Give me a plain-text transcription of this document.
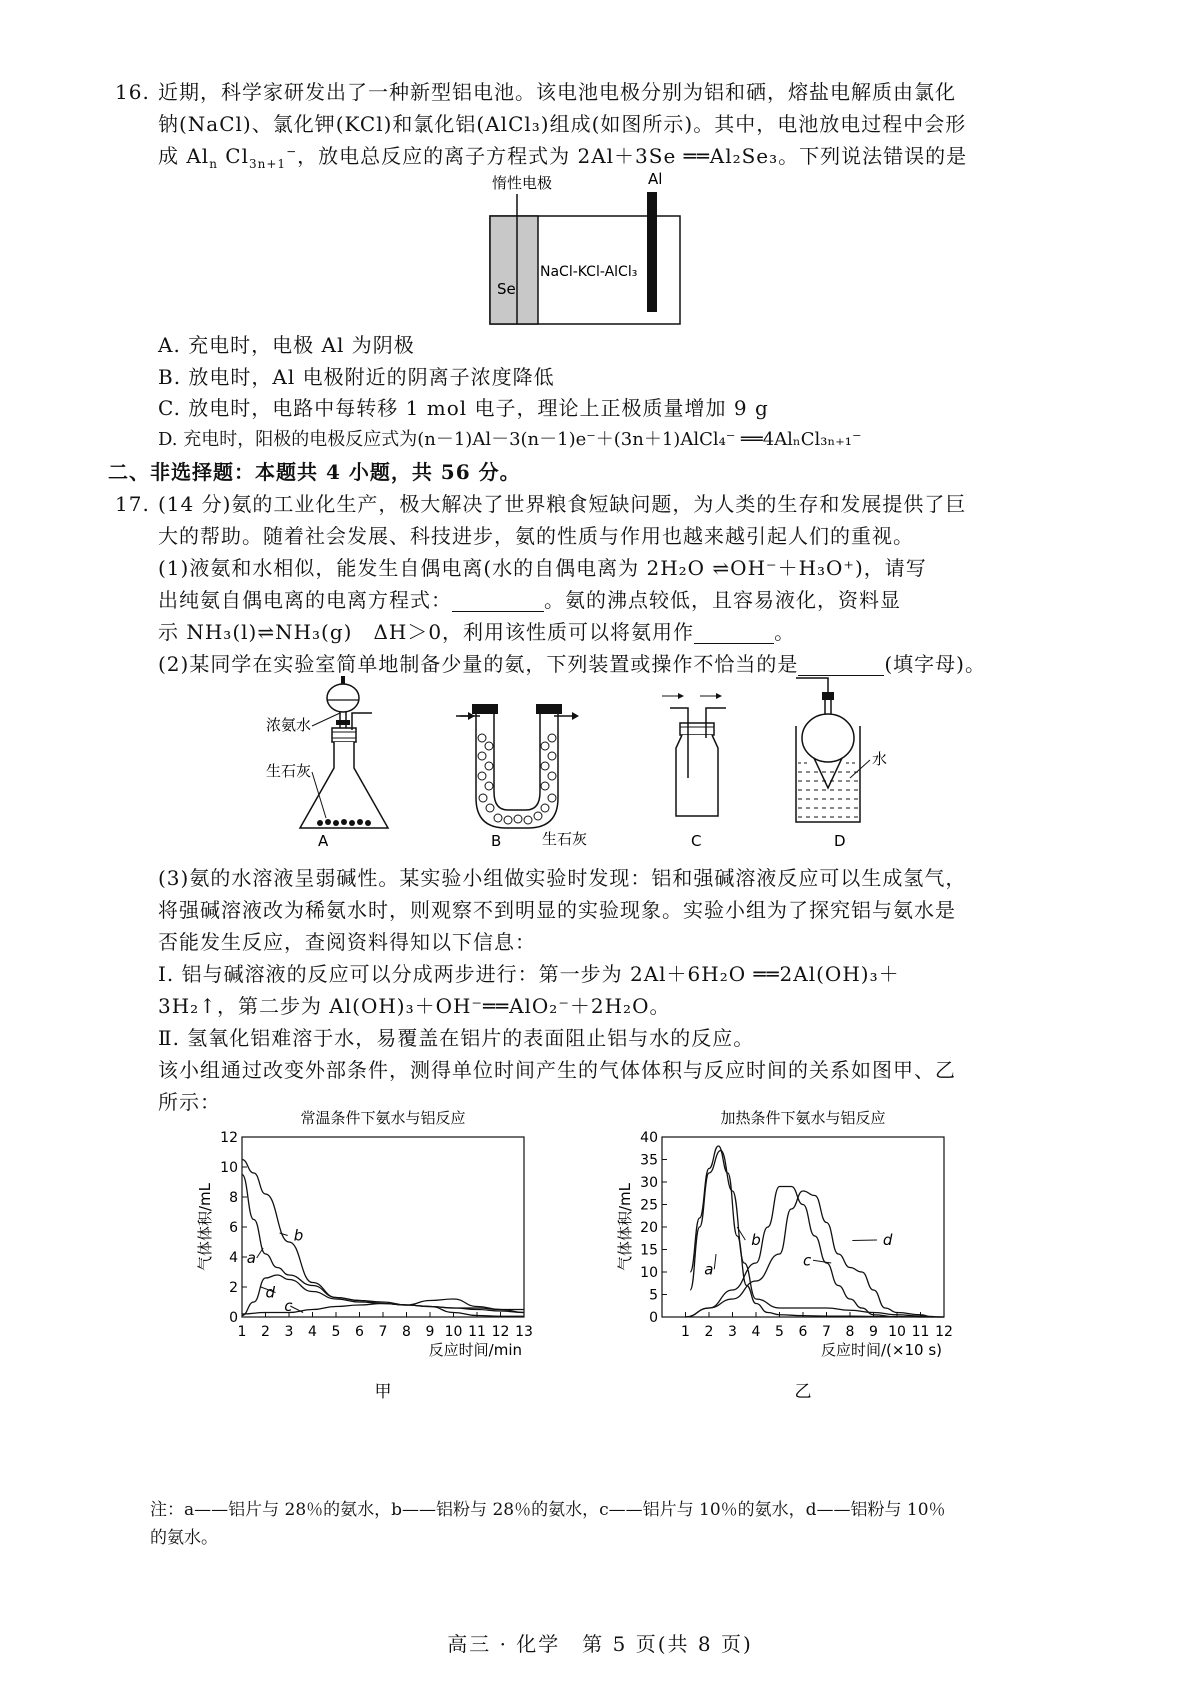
16. 近期，科学家研发出了一种新型铝电池。该电池电极分别为铝和硒，熔盐电解质由氯化
钠(NaCl)、氯化钾(KCl)和氯化铝(AlCl₃)组成(如图所示)。其中，电池放电过程中会形
成 $Al_n$ $Cl_{3n+1}^-$，放电总反应的离子方程式为 2Al＋3Se ══Al₂Se₃。下列说法错误的是
惰性电极	Al
Se
NaCl-KCl-AlCl₃
A. 充电时，电极 Al 为阴极
B. 放电时，Al 电极附近的阴离子浓度降低
C. 放电时，电路中每转移 1 mol 电子，理论上正极质量增加 9 g
D. 充电时，阳极的电极反应式为(n－1)Al－3(n－1)e⁻＋(3n＋1)AlCl₄⁻ ══4AlₙCl₃ₙ₊₁⁻
二、非选择题：本题共 4 小题，共 56 分。
17. (14 分)氨的工业化生产，极大解决了世界粮食短缺问题，为人类的生存和发展提供了巨
大的帮助。随着社会发展、科技进步，氨的性质与作用也越来越引起人们的重视。
(1)液氨和水相似，能发生自偶电离(水的自偶电离为 2H₂O ⇌OH⁻＋H₃O⁺)，请写
出纯氨自偶电离的电离方程式：	。氨的沸点较低，且容易液化，资料显
示 NH₃(l)⇌NH₃(g)　ΔH＞0，利用该性质可以将氨用作	。
(2)某同学在实验室简单地制备少量的氨，下列装置或操作不恰当的是	(填字母)。
浓氨水
生石灰
A	生石灰
B	C
水
D
(3)氨的水溶液呈弱碱性。某实验小组做实验时发现：铝和强碱溶液反应可以生成氢气，
将强碱溶液改为稀氨水时，则观察不到明显的实验现象。实验小组为了探究铝与氨水是
否能发生反应，查阅资料得知以下信息：
Ⅰ. 铝与碱溶液的反应可以分成两步进行：第一步为 2Al＋6H₂O ══2Al(OH)₃＋
3H₂↑，第二步为 Al(OH)₃＋OH⁻══AlO₂⁻＋2H₂O。
Ⅱ. 氢氧化铝难溶于水，易覆盖在铝片的表面阻止铝与水的反应。
该小组通过改变外部条件，测得单位时间产生的气体体积与反应时间的关系如图甲、乙
所示：
常温条件下氨水与铝反应
0
2
4
6
8
10
12
1 2 3 4 5 6 7 8 9 10 11 12 13
气体体积/mL
反应时间/min
甲
a
b
c
d
加热条件下氨水与铝反应
0
5
10
15
20
25
30
35
40
1 2 3 4 5 6 7 8 9 10 11 12
气体体积/mL
反应时间/(×10 s)
乙
a
b
c
d
注：a——铝片与 28％的氨水，b——铝粉与 28％的氨水，c——铝片与 10％的氨水，d——铝粉与 10％
的氨水。
高三 · 化学　第 5 页(共 8 页)
